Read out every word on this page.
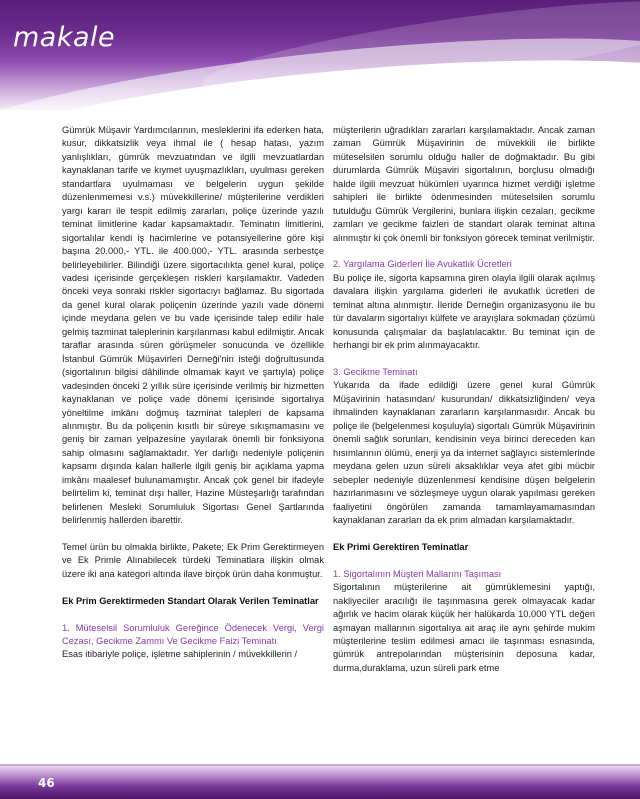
makale

Gümrük Müşavir Yardımcılarının, mesleklerini ifa ederken hata, kusur, dikkatsizlik veya ihmal ile ( hesap hatası, yazım yanlışlıkları, gümrük mevzuatından ve ilgili mevzuatlardan kaynaklanan tarife ve kıymet uyuşmazlıkları, uyulması gereken standartlara uyulmaması ve belgelerin uygun şekilde düzenlenmemesi v.s.) müvekkillerine/ müşterilerine verdikleri yargı kararı ile tespit edilmiş zararları, poliçe üzerinde yazılı teminat limitlerine kadar kapsamaktadır. Teminatın limitlerini, sigortalılar kendi iş hacimlerine ve potansiyellerine göre kişi başına 20.000,- YTL. ile 400.000,- YTL. arasında serbestçe belirleyebilirler. Bilindiği üzere sigortacılıkta genel kural, poliçe vadesi içerisinde gerçekleşen riskleri karşılamaktır. Vadeden önceki veya sonraki riskler sigortacıyı bağlamaz. Bu sigortada da genel kural olarak poliçenin üzerinde yazılı vade dönemi içinde meydana gelen ve bu vade içerisinde talep edilir hale gelmiş tazminat taleplerinin karşılanması kabul edilmiştir. Ancak taraflar arasında süren görüşmeler sonucunda ve özellikle İstanbul Gümrük Müşavirleri Derneği'nin isteği doğrultusunda (sigortalının bilgisi dâhilinde olmamak kayıt ve şartıyla) poliçe vadesinden önceki 2 yıllık süre içerisinde verilmiş bir hizmetten kaynaklanan ve poliçe vade dönemi içerisinde sigortalıya yöneltilme imkânı doğmuş tazminat talepleri de kapsama alınmıştır. Bu da poliçenin kısıtlı bir süreye sıkışmamasını ve geniş bir zaman yelpazesine yayılarak önemli bir fonksiyona sahip olmasını sağlamaktadır. Yer darlığı nedeniyle poliçenin kapsamı dışında kalan hallerle ilgili geniş bir açıklama yapma imkânı maalesef bulunamamıştır. Ancak çok genel bir ifadeyle belirtelim ki, teminat dışı haller, Hazine Müsteşarlığı tarafından belirlenen Mesleki Sorumluluk Sigortası Genel Şartlarında belirlenmiş hallerden ibarettir.

Temel ürün bu olmakla birlikte, Pakete; Ek Prim Gerektirmeyen ve Ek Primle Alınabilecek türdeki Teminatlara ilişkin olmak üzere iki ana kategori altında ilave birçok ürün daha konmuştur.

Ek Prim Gerektirmeden Standart Olarak Verilen Teminatlar

1. Müteselsil Sorumluluk Gereğince Ödenecek Vergi, Vergi Cezası, Gecikme Zammı Ve Gecikme Faizi Teminatı
Esas itibariyle poliçe, işletme sahiplerinin / müvekkillerin /

müşterilerin uğradıkları zararları karşılamaktadır. Ancak zaman zaman Gümrük Müşavirinin de müvekkili ile birlikte müteselsilen sorumlu olduğu haller de doğmaktadır. Bu gibi durumlarda Gümrük Müşaviri sigortalının, borçlusu olmadığı halde ilgili mevzuat hükümleri uyarınca hizmet verdiği işletme sahipleri ile birlikte ödenmesinden müteselsilen sorumlu tutulduğu Gümrük Vergilerini, bunlara ilişkin cezaları, gecikme zamları ve gecikme faizleri de standart olarak teminat altına alınmıştır ki çok önemli bir fonksiyon görecek teminat verilmiştir.

2. Yargılama Giderleri İle Avukatlık Ücretleri

Bu poliçe ile, sigorta kapsamına giren olayla ilgili olarak açılmış davalara ilişkin yargılama giderleri ile avukatlık ücretleri de teminat altına alınmıştır. İleride Derneğin organizasyonu ile bu tür davaların sigortalıyı külfete ve arayışlara sokmadan çözümü konusunda çalışmalar da başlatılacaktır. Bu teminat için de herhangi bir ek prim alınmayacaktır.

3. Gecikme Teminatı

Yukarıda da ifade edildiği üzere genel kural Gümrük Müşavirinin hatasından/ kusurundan/ dikkatsizliğinden/ veya ihmalinden kaynaklanan zararların karşılanmasıdır. Ancak bu poliçe ile (belgelenmesi koşuluyla) sigortalı Gümrük Müşavirinin önemli sağlık sorunları, kendisinin veya birinci dereceden kan hısımlarının ölümü, enerji ya da internet sağlayıcı sistemlerinde meydana gelen uzun süreli aksaklıklar veya afet gibi mücbir sebepler nedeniyle düzenlenmesi kendisine düşen belgelerin hazırlanmasını ve sözleşmeye uygun olarak yapılması gereken faaliyetini öngörülen zamanda tamamlayamamasından kaynaklanan zararları da ek prim almadan karşılamaktadır.

Ek Primi Gerektiren Teminatlar

1. Sigortalının Müşteri Mallarını Taşıması
Sigortalının müşterilerine ait gümrüklemesini yaptığı, nakliyeciler aracılığı ile taşınmasına gerek olmayacak kadar ağırlık ve hacim olarak küçük her halükarda 10.000 YTL değeri aşmayan mallarının sigortalıya ait araç ile aynı şehirde mukim müşterilerine teslim edilmesi amacı ile taşınması esnasında, gümrük antrepolarından müşterisinin deposuna kadar, durma,duraklama, uzun süreli park etme
46
